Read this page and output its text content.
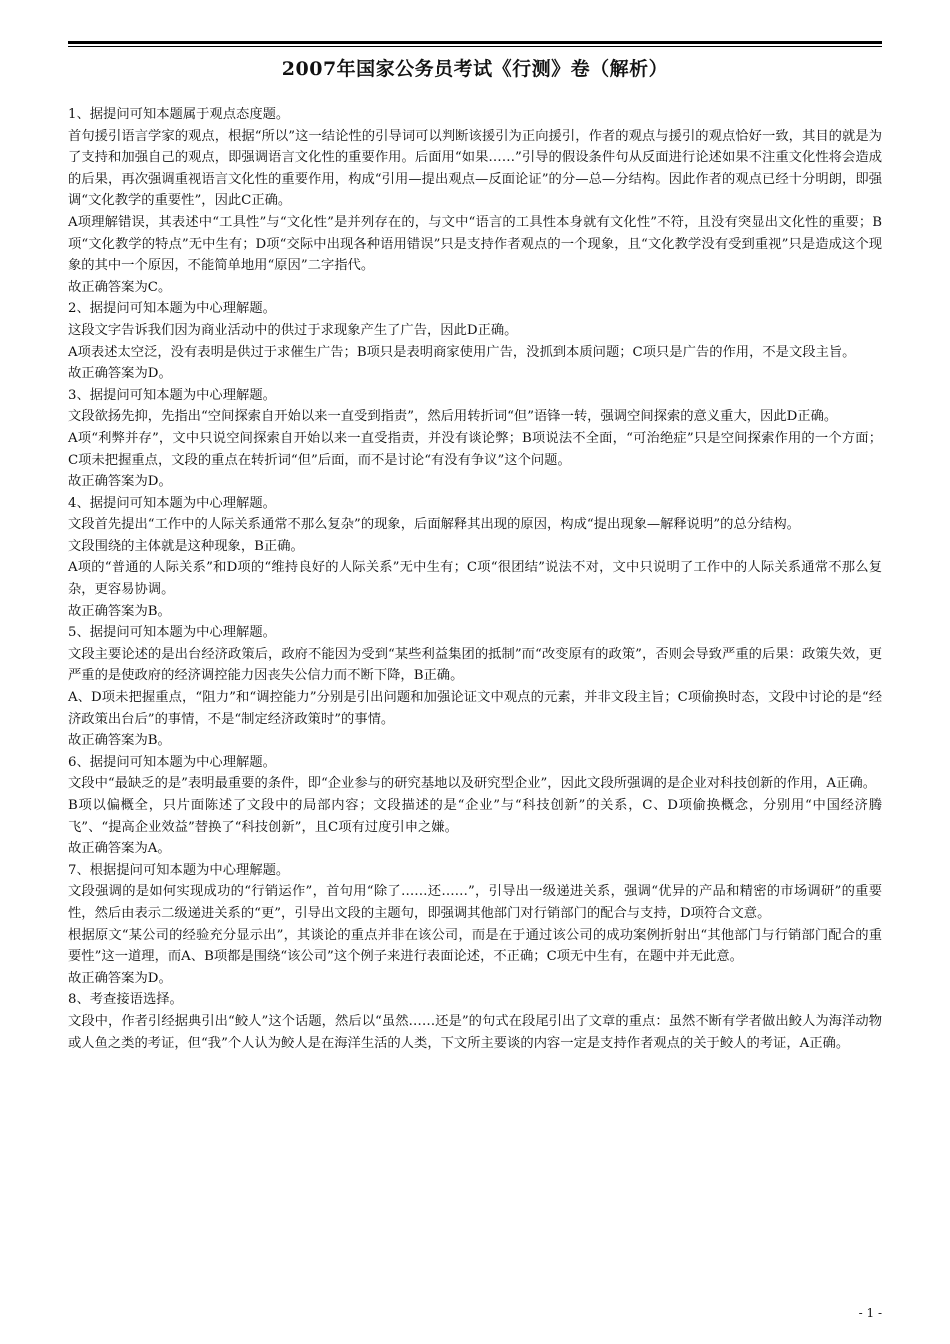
2007年国家公务员考试《行测》卷（解析）

1、据提问可知本题属于观点态度题。

首句援引语言学家的观点，根据“所以”这一结论性的引导词可以判断该援引为正向援引，作者的观点与援引的观点恰好一致，其目的就是为了支持和加强自己的观点，即强调语言文化性的重要作用。后面用“如果……”引导的假设条件句从反面进行论述如果不注重文化性将会造成的后果，再次强调重视语言文化性的重要作用，构成“引用—提出观点—反面论证”的分—总—分结构。因此作者的观点已经十分明朗，即强调“文化教学的重要性”，因此C正确。

A项理解错误，其表述中“工具性”与“文化性”是并列存在的，与文中“语言的工具性本身就有文化性”不符，且没有突显出文化性的重要；B项“文化教学的特点”无中生有；D项“交际中出现各种语用错误”只是支持作者观点的一个现象，且“文化教学没有受到重视”只是造成这个现象的其中一个原因，不能简单地用“原因”二字指代。

故正确答案为C。

2、据提问可知本题为中心理解题。

这段文字告诉我们因为商业活动中的供过于求现象产生了广告，因此D正确。

A项表述太空泛，没有表明是供过于求催生广告；B项只是表明商家使用广告，没抓到本质问题；C项只是广告的作用，不是文段主旨。

故正确答案为D。

3、据提问可知本题为中心理解题。

文段欲扬先抑，先指出“空间探索自开始以来一直受到指责”，然后用转折词“但”语锋一转，强调空间探索的意义重大，因此D正确。

A项“利弊并存”，文中只说空间探索自开始以来一直受指责，并没有谈论弊；B项说法不全面，“可治绝症”只是空间探索作用的一个方面；C项未把握重点，文段的重点在转折词“但”后面，而不是讨论“有没有争议”这个问题。

故正确答案为D。

4、据提问可知本题为中心理解题。

文段首先提出“工作中的人际关系通常不那么复杂”的现象，后面解释其出现的原因，构成“提出现象—解释说明”的总分结构。

文段围绕的主体就是这种现象，B正确。

A项的“普通的人际关系”和D项的“维持良好的人际关系”无中生有；C项“很团结”说法不对，文中只说明了工作中的人际关系通常不那么复杂，更容易协调。

故正确答案为B。

5、据提问可知本题为中心理解题。

文段主要论述的是出台经济政策后，政府不能因为受到“某些利益集团的抵制”而“改变原有的政策”，否则会导致严重的后果：政策失效，更严重的是使政府的经济调控能力因丧失公信力而不断下降，B正确。

A、D项未把握重点，“阻力”和“调控能力”分别是引出问题和加强论证文中观点的元素，并非文段主旨；C项偷换时态，文段中讨论的是“经济政策出台后”的事情，不是“制定经济政策时”的事情。

故正确答案为B。

6、据提问可知本题为中心理解题。

文段中“最缺乏的是”表明最重要的条件，即“企业参与的研究基地以及研究型企业”，因此文段所强调的是企业对科技创新的作用，A正确。

B项以偏概全，只片面陈述了文段中的局部内容；文段描述的是“企业”与“科技创新”的关系，C、D项偷换概念，分别用“中国经济腾飞”、“提高企业效益”替换了“科技创新”，且C项有过度引申之嫌。

故正确答案为A。

7、根据提问可知本题为中心理解题。

文段强调的是如何实现成功的“行销运作”，首句用“除了……还……”，引导出一级递进关系，强调“优异的产品和精密的市场调研”的重要性，然后由表示二级递进关系的“更”，引导出文段的主题句，即强调其他部门对行销部门的配合与支持，D项符合文意。

根据原文“某公司的经验充分显示出”，其谈论的重点并非在该公司，而是在于通过该公司的成功案例折射出“其他部门与行销部门配合的重要性”这一道理，而A、B项都是围绕“该公司”这个例子来进行表面论述，不正确；C项无中生有，在题中并无此意。

故正确答案为D。

8、考查接语选择。

文段中，作者引经据典引出“鲛人”这个话题，然后以“虽然……还是”的句式在段尾引出了文章的重点：虽然不断有学者做出鲛人为海洋动物或人鱼之类的考证，但“我”个人认为鲛人是在海洋生活的人类，下文所主要谈的内容一定是支持作者观点的关于鲛人的考证，A正确。

- 1 -
